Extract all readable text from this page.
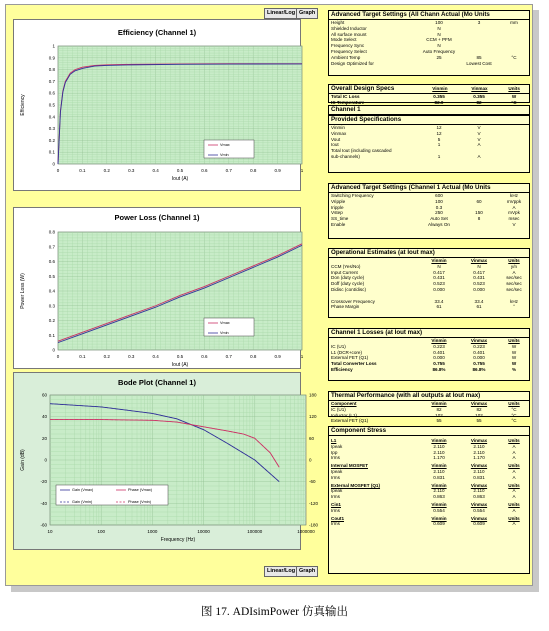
Linear/Log Graph
Efficiency (Channel 1)
0	0.1	0.2	0.3	0.4	0.5	0.6	0.7	0.8	0.9	1
0
0.1
0.2
0.3
0.4
0.5
0.6
0.7
0.8
0.9
1
Iout (A)
Efficiency
Vmax
Vmin
Power Loss (Channel 1)
0	0.1	0.2	0.3	0.4	0.5	0.6	0.7	0.8	0.9	1
0
0.1
0.2
0.3
0.4
0.5
0.6
0.7
0.8
Iout (A)
Power Loss (W)
Vmax
Vmin
Bode Plot (Channel 1)
10	100	1000	10000	100000	1000000
-60
-40
-20
0
20
40
60
-180
-120
-60
0
60
120
180
Frequency (Hz)
Gain (dB)
Gain (Vmax)
Gain (Vmin)
Phase (Vmax)
Phase (Vmin)
Linear/Log Graph
Advanced Target Settings (All Chann Actual (Mo Units
Height	100	3	mm
Shielded Inductor	N
All surface mount	N
Mode Select	CCM + PFM
Frequency Sync	N
Frequency Select	Auto Frequency
Ambient Temp	25	85	°C
Design Optimized for	Lowest Cost
Overall Design Specs	Vinmin	Vinmax	Units
Total IC Loss	0.355	0.355	W
IC Temperature	82.0	82	°C
Channel 1
Provided Specifications
Vinmin	12	V
Vinmax	12	V
Vout	5	V
Iout	1	A
Total Iout (including cascaded
sub-channels)	1	A
Advanced Target Settings (Channel 1 Actual (Mo Units
Switching Frequency	600	kHz
Vripple	100	60	mVppk
Iripple	0.3	A
Vstep	250	150	mVpk
SS_time	Auto Set	8	msec
Enable	Always On	V
Operational Estimates (at Iout max)
Vinmin	Vinmax	Units
CCM (Yes/No)	N	N	y/n
Input Current	0.417	0.417	A
Don (duty cycle)	0.431	0.431	sec/sec
Doff (duty cycle)	0.523	0.523	sec/sec
Didisc (cont/disc)	0.000	0.000	sec/sec
Crossover Frequency	33.4	33.4	kHz
Phase Margin	61	61	°
Channel 1 Losses (at Iout max)
Vinmin	Vinmax	Units
IC (U1)	0.223	0.223	W
L1 (DCR+core)	0.401	0.401	W
External FET (Q1)	0.000	0.000	W
Total Converter Loss	0.755	0.755	W
Efficiency	86.8%	86.8%	%
Thermal Performance (with all outputs at Iout max)
Component	Vinmin	Vinmax	Units
IC (U1)	82	82	°C
Inductor (L1)	102	102	°C
External FET (Q1)	55	55	°C
Component Stress
L1	Vinmin	Vinmax	Units
Ipeak	2.110	2.110	A
Ipp	2.110	2.110	A
Irms	1.170	1.170	A
Internal MOSFET	Vinmin	Vinmax	Units
Ipeak	2.110	2.110	A
Irms	0.831	0.831	A
External MOSFET (Q1)	Vinmin	Vinmax	Units
Ipeak	2.110	2.110	A
Irms	0.863	0.863	A
Cin1	Vinmin	Vinmax	Units
Irms	0.554	0.554	A
Cout1	Vinmin	Vinmax	Units
Irms	0.609	0.609	A
图 17. ADIsimPower 仿真输出
